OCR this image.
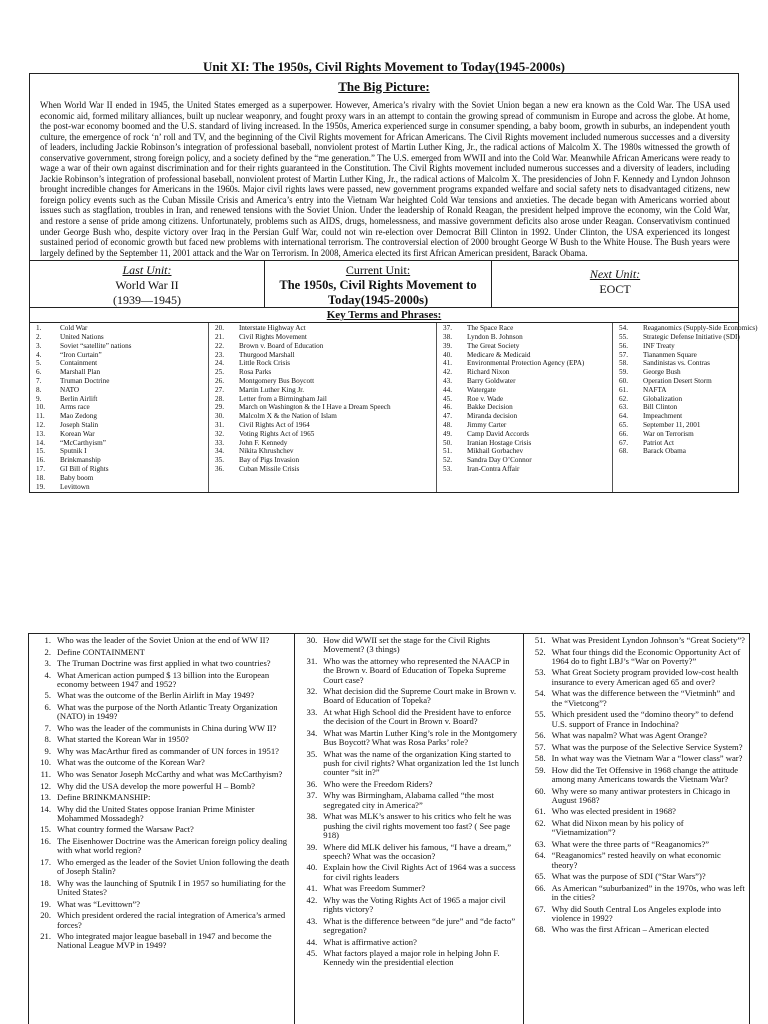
Unit XI: The 1950s, Civil Rights Movement to Today(1945-2000s)
The Big Picture:
When World War II ended in 1945, the United States emerged as a superpower. However, America’s rivalry with the Soviet Union began a new era known as the Cold War. The USA used economic aid, formed military alliances, built up nuclear weaponry, and fought proxy wars in an attempt to contain the growing spread of communism in Europe and across the globe. At home, the post-war economy boomed and the U.S. standard of living increased. In the 1950s, America experienced surge in consumer spending, a baby boom, growth in suburbs, an independent youth culture, the emergence of rock ‘n’ roll and TV, and the beginning of the Civil Rights movement for African Americans. The Civil Rights movement included numerous successes and a diversity of leaders, including Jackie Robinson’s integration of professional baseball, nonviolent protest of Martin Luther King, Jr., the radical actions of Malcolm X. The 1980s witnessed the growth of conservative government, strong foreign policy, and a society defined by the “me generation.” The U.S. emerged from WWII and into the Cold War. Meanwhile African Americans were ready to wage a war of their own against discrimination and for their rights guaranteed in the Constitution. The Civil Rights movement included numerous successes and a diversity of leaders, including Jackie Robinson’s integration of professional baseball, nonviolent protest of Martin Luther King, Jr., the radical actions of Malcolm X. The presidencies of John F. Kennedy and Lyndon Johnson brought incredible changes for Americans in the 1960s. Major civil rights laws were passed, new government programs expanded welfare and social safety nets to disadvantaged citizens, new foreign policy events such as the Cuban Missile Crisis and America’s entry into the Vietnam War heighted Cold War tensions and anxieties. The decade began with Americans worried about issues such as stagflation, troubles in Iran, and renewed tensions with the Soviet Union. Under the leadership of Ronald Reagan, the president helped improve the economy, win the Cold War, and restore a sense of pride among citizens. Unfortunately, problems such as AIDS, drugs, homelessness, and massive government deficits also arose under Reagan. Conservativism continued under George Bush who, despite victory over Iraq in the Persian Gulf War, could not win re-election over Democrat Bill Clinton in 1992. Under Clinton, the USA experienced its longest sustained period of economic growth but faced new problems with international terrorism. The controversial election of 2000 brought George W Bush to the White House. The Bush years were largely defined by the September 11, 2001 attack and the War on Terrorism. In 2008, America elected its first African American president, Barack Obama.
Last Unit:
World War II
(1939—1945)
Current Unit:
The 1950s, Civil Rights Movement to Today(1945-2000s)
Next Unit:
EOCT
Key Terms and Phrases:
1.	Cold War
2.	United Nations
3.	Soviet “satellite” nations
4.	“Iron Curtain”
5.	Containment
6.	Marshall Plan
7.	Truman Doctrine
8.	NATO
9.	Berlin Airlift
10.	Arms race
11.	Mao Zedong
12.	Joseph Stalin
13.	Korean War
14.	“McCarthyism”
15.	Sputnik I
16.	Brinkmanship
17.	GI Bill of Rights
18.	Baby boom
19.	Levittown
20.	Interstate Highway Act
21.	Civil Rights Movement
22.	Brown v. Board of Education
23.	Thurgood Marshall
24.	Little Rock Crisis
25.	Rosa Parks
26.	Montgomery Bus Boycott
27.	Martin Luther King Jr.
28.	Letter from a Birmingham Jail
29.	March on Washington & the I Have a Dream Speech
30.	Malcolm X & the Nation of Islam
31.	Civil Rights Act of 1964
32.	Voting Rights Act of 1965
33.	John F. Kennedy
34.	Nikita Khrushchev
35.	Bay of Pigs Invasion
36.	Cuban Missile Crisis
37.	The Space Race
38.	Lyndon B. Johnson
39.	The Great Society
40.	Medicare & Medicaid
41.	Environmental Protection Agency (EPA)
42.	Richard Nixon
43.	Barry Goldwater
44.	Watergate
45.	Roe v. Wade
46.	Bakke Decision
47.	Miranda decision
48.	Jimmy Carter
49.	Camp David Accords
50.	Iranian Hostage Crisis
51.	Mikhail Gorbachev
52.	Sandra Day O’Connor
53.	Iran-Contra Affair
54.	Reaganomics (Supply-Side Economics)
55.	Strategic Defense Initiative (SDI)
56.	INF Treaty
57.	Tiananmen Square
58.	Sandinistas vs. Contras
59.	George Bush
60.	Operation Desert Storm
61.	NAFTA
62.	Globalization
63.	Bill Clinton
64.	Impeachment
65.	September 11, 2001
66.	War on Terrorism
67.	Patriot Act
68.	Barack Obama
1. Who was the leader of the Soviet Union at the end of WW II?
2. Define CONTAINMENT
3. The Truman Doctrine was first applied in what two countries?
4. What American action pumped $ 13 billion into the European economy between 1947 and 1952?
5. What was the outcome of the Berlin Airlift in May 1949?
6. What was the purpose of the North Atlantic Treaty Organization (NATO) in 1949?
7. Who was the leader of the communists in China during WW II?
8. What started the Korean War in 1950?
9. Why was MacArthur fired as commander of UN forces in 1951?
10. What was the outcome of the Korean War?
11. Who was Senator Joseph McCarthy and what was McCarthyism?
12. Why did the USA develop the more powerful H – Bomb?
13. Define BRINKMANSHIP:
14. Why did the United States oppose Iranian Prime Minister Mohammed Mossadegh?
15. What country formed the Warsaw Pact?
16. The Eisenhower Doctrine was the American foreign policy dealing with what world region?
17. Who emerged as the leader of the Soviet Union following the death of Joseph Stalin?
18. Why was the launching of Sputnik I in 1957 so humiliating for the United States?
19. What was “Levittown”?
20. Which president ordered the racial integration of America’s armed forces?
21. Who integrated major league baseball in 1947 and become the National League MVP in 1949?
30. How did WWII set the stage for the Civil Rights Movement? (3 things)
31. Who was the attorney who represented the NAACP in the Brown v. Board of Education of Topeka Supreme Court case?
32. What decision did the Supreme Court make in Brown v. Board of Education of Topeka?
33. At what High School did the President have to enforce the decision of the Court in Brown v. Board?
34. What was Martin Luther King’s role in the Montgomery Bus Boycott? What was Rosa Parks’ role?
35. What was the name of the organization King started to push for civil rights? What organization led the 1st lunch counter “sit in?”
36. Who were the Freedom Riders?
37. Why was Birmingham, Alabama called “the most segregated city in America?”
38. What was MLK’s answer to his critics who felt he was pushing the civil rights movement too fast? ( See page 918)
39. Where did MLK deliver his famous, “I have a dream,” speech? What was the occasion?
40. Explain how the Civil Rights Act of 1964 was a success for civil rights leaders
41. What was Freedom Summer?
42. Why was the Voting Rights Act of 1965 a major civil rights victory?
43. What is the difference between “de jure” and “de facto” segregation?
44. What is affirmative action?
45. What factors played a major role in helping John F. Kennedy win the presidential election
51. What was President Lyndon Johnson’s “Great Society”?
52. What four things did the Economic Opportunity Act of 1964 do to fight LBJ’s “War on Poverty?”
53. What Great Society program provided low-cost health insurance to every American aged 65 and over?
54. What was the difference between the “Vietminh” and the “Vietcong”?
55. Which president used the “domino theory” to defend U.S. support of France in Indochina?
56. What was napalm? What was Agent Orange?
57. What was the purpose of the Selective Service System?
58. In what way was the Vietnam War a “lower class” war?
59. How did the Tet Offensive in 1968 change the attitude among many Americans towards the Vietnam War?
60. Why were so many antiwar protesters in Chicago in August 1968?
61. Who was elected president in 1968?
62. What did Nixon mean by his policy of “Vietnamization”?
63. What were the three parts of “Reaganomics?”
64. “Reaganomics” rested heavily on what economic theory?
65. What was the purpose of SDI (“Star Wars”)?
66. As American “suburbanized” in the 1970s, who was left in the cities?
67. Why did South Central Los Angeles explode into violence in 1992?
68. Who was the first African – American elected
